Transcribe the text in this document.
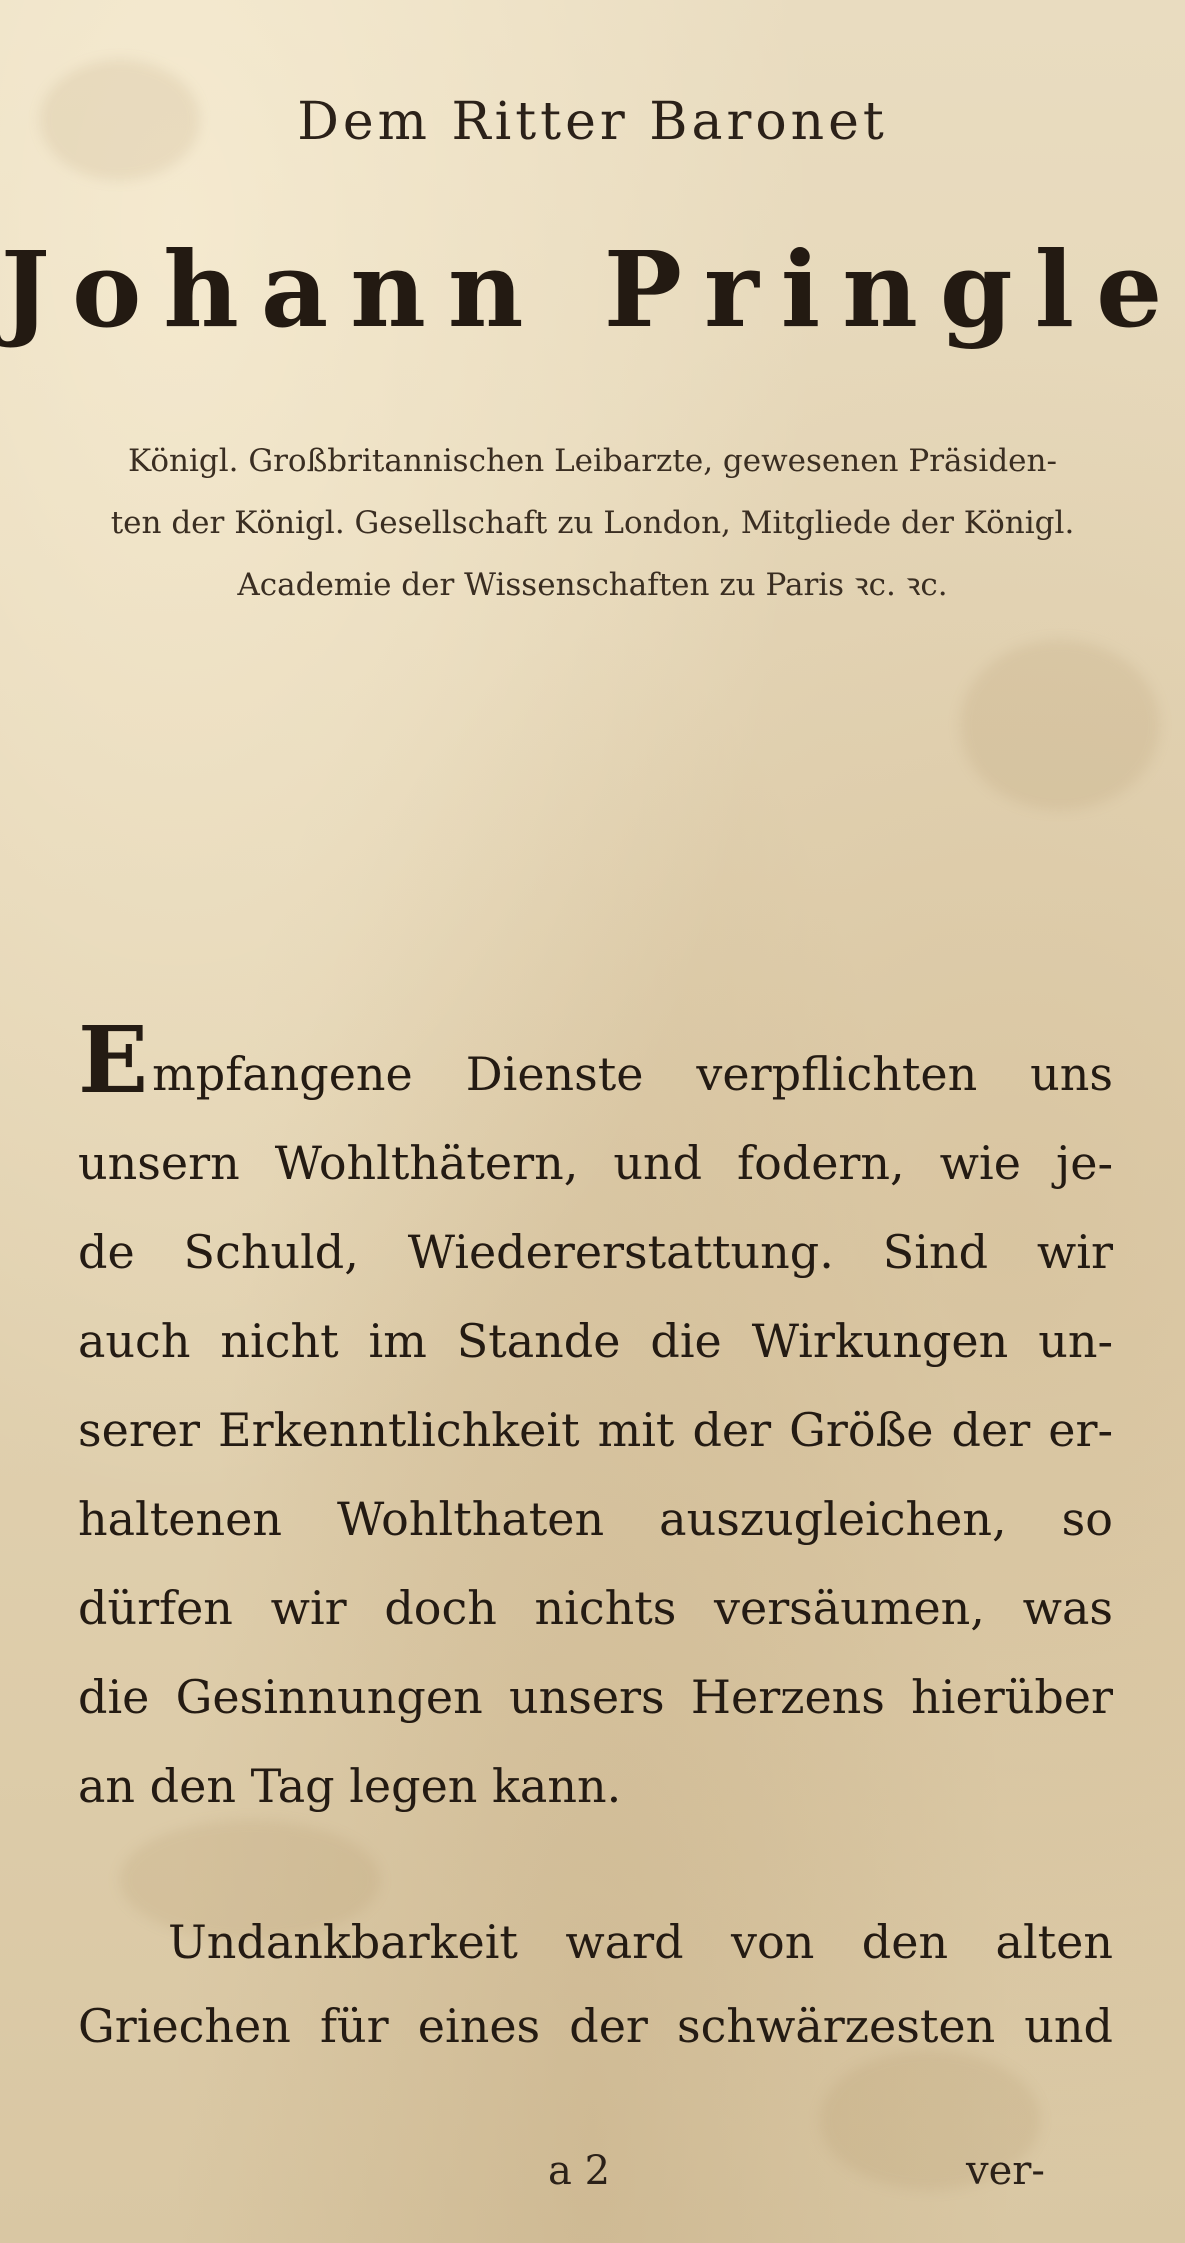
Dem Ritter Baronet
Johann Pringle
Königl. Großbritannischen Leibarzte, gewesenen Präsiden-
ten der Königl. Gesellschaft zu London, Mitgliede der Königl.
Academie der Wissenschaften zu Paris ꝛc. ꝛc.
Empfangene Dienste verpflichten uns
unsern Wohlthätern, und fodern, wie je-
de Schuld, Wiedererstattung. Sind wir
auch nicht im Stande die Wirkungen un-
serer Erkenntlichkeit mit der Größe der er-
haltenen Wohlthaten auszugleichen, so
dürfen wir doch nichts versäumen, was
die Gesinnungen unsers Herzens hierüber
an den Tag legen kann.
Undankbarkeit ward von den alten
Griechen für eines der schwärzesten und
a 2	ver-
